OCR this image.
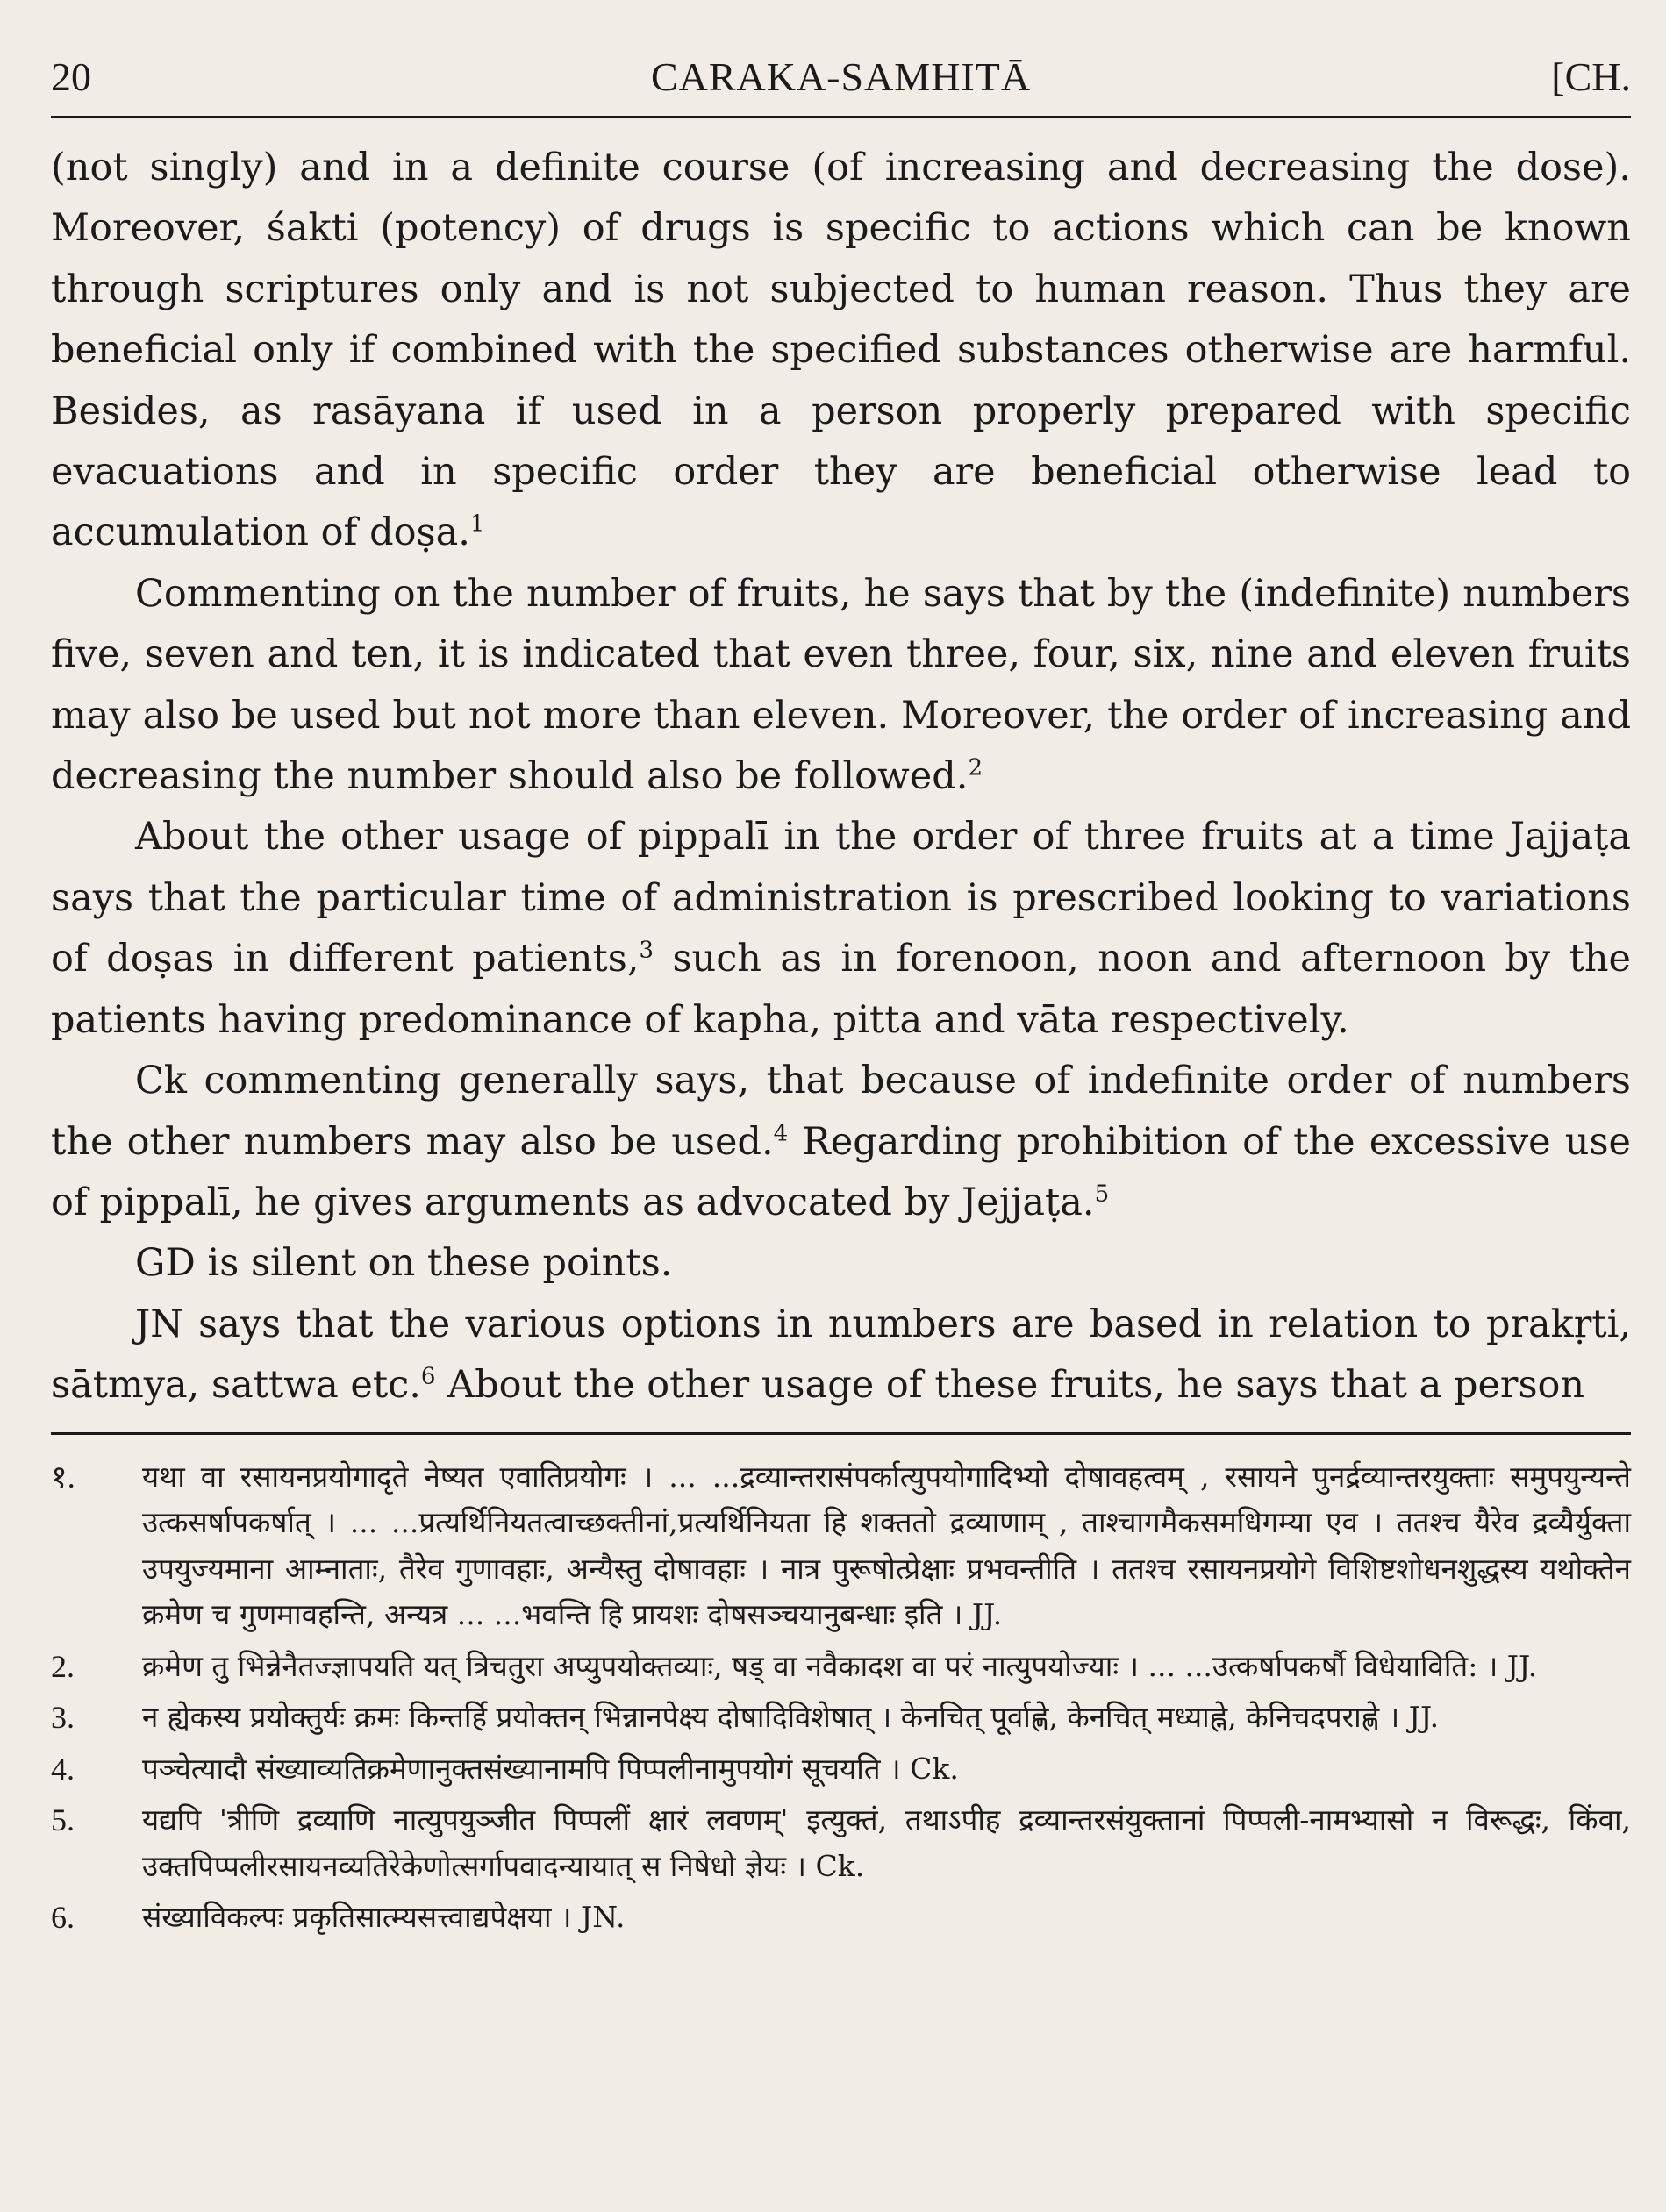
20	CARAKA-SAMHITĀ	[CH.

(not singly) and in a definite course (of increasing and decreasing the dose). Moreover, śakti (potency) of drugs is specific to actions which can be known through scriptures only and is not subjected to human reason. Thus they are beneficial only if combined with the specified substances otherwise are harmful. Besides, as rasāyana if used in a person properly prepared with specific evacuations and in specific order they are beneficial otherwise lead to accumulation of doṣa.$^1$

Commenting on the number of fruits, he says that by the (indefinite) numbers five, seven and ten, it is indicated that even three, four, six, nine and eleven fruits may also be used but not more than eleven. Moreover, the order of increasing and decreasing the number should also be followed.$^2$

About the other usage of pippalī in the order of three fruits at a time Jajjaṭa says that the particular time of administration is prescribed looking to variations of doṣas in different patients,$^3$ such as in forenoon, noon and afternoon by the patients having predominance of kapha, pitta and vāta respectively.

Ck commenting generally says, that because of indefinite order of numbers the other numbers may also be used.$^4$ Regarding prohibition of the excessive use of pippalī, he gives arguments as advocated by Jejjaṭa.$^5$

GD is silent on these points.

JN says that the various options in numbers are based in relation to prakṛti, sātmya, sattwa etc.$^6$ About the other usage of these fruits, he says that a person

१.	यथा वा रसायनप्रयोगादृते नेष्यत एवातिप्रयोगः । ... ...द्रव्यान्तरासंपर्कात्युपयोगादिभ्यो दोषावहत्वम् , रसायने पुनर्द्रव्यान्तरयुक्ताः समुपयुन्यन्ते उत्कसर्षापकर्षात् । ... ...प्रत्यर्थिनियतत्वाच्छक्तीनां,प्रत्यर्थिनियता हि शक्ततो द्रव्याणाम् , ताश्चागमैकसमधिगम्या एव । ततश्च यैरेव द्रव्यैर्युक्ता उपयुज्यमाना आम्नाताः, तैरेव गुणावहाः, अन्यैस्तु दोषावहाः । नात्र पुरूषोत्प्रेक्षाः प्रभवन्तीति । ततश्च रसायनप्रयोगे विशिष्टशोधनशुद्धस्य यथोक्तेन क्रमेण च गुणमावहन्ति, अन्यत्र ... ...भवन्ति हि प्रायशः दोषसञ्चयानुबन्धाः इति । JJ.
2.	क्रमेण तु भिन्नेनैतज्ज्ञापयति यत् त्रिचतुरा अप्युपयोक्तव्याः, षड् वा नवैकादश वा परं नात्युपयोज्याः । ... ...उत्कर्षापकर्षौ विधेयाविति: । JJ.
3.	न ह्येकस्य प्रयोक्तुर्यः क्रमः किन्तर्हि प्रयोक्तन् भिन्नानपेक्ष्य दोषादिविशेषात् । केनचित् पूर्वाह्णे, केनचित् मध्याह्ने, केनिचदपराह्णे । JJ.
4.	पञ्चेत्यादौ संख्याव्यतिक्रमेणानुक्तसंख्यानामपि पिप्पलीनामुपयोगं सूचयति । Ck.
5.	यद्यपि 'त्रीणि द्रव्याणि नात्युपयुञ्जीत पिप्पलीं क्षारं लवणम्' इत्युक्तं, तथाऽपीह द्रव्यान्तरसंयुक्तानां पिप्पली-नामभ्यासो न विरूद्धः, किंवा, उक्तपिप्पलीरसायनव्यतिरेकेणोत्सर्गापवादन्यायात् स निषेधो ज्ञेयः । Ck.
6.	संख्याविकल्पः प्रकृतिसात्म्यसत्त्वाद्यपेक्षया । JN.
